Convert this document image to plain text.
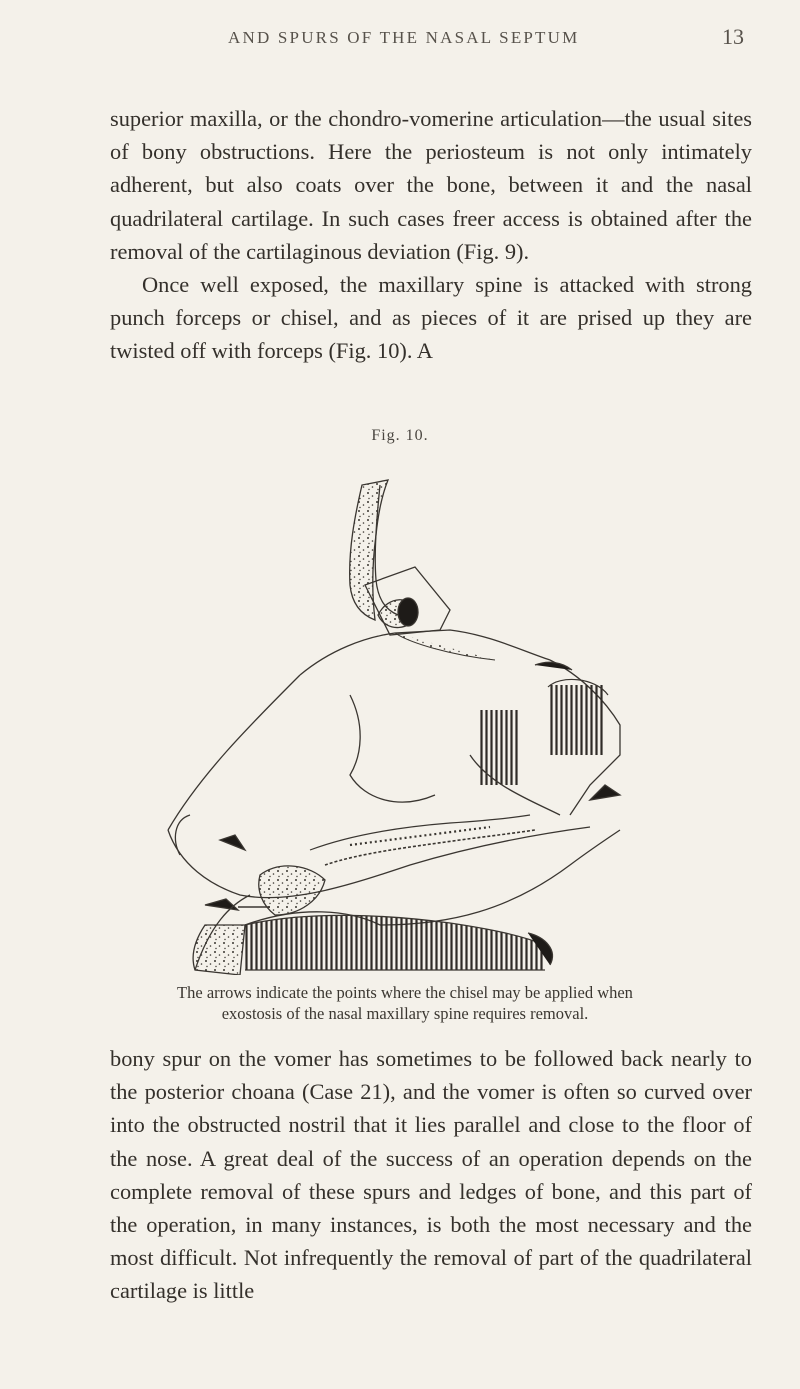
AND SPURS OF THE NASAL SEPTUM	13

superior maxilla, or the chondro-vomerine articulation—the usual sites of bony obstructions. Here the periosteum is not only intimately adherent, but also coats over the bone, between it and the nasal quadrilateral cartilage. In such cases freer access is obtained after the removal of the cartilaginous deviation (Fig. 9).

Once well exposed, the maxillary spine is attacked with strong punch forceps or chisel, and as pieces of it are prised up they are twisted off with forceps (Fig. 10). A

Fig. 10.

The arrows indicate the points where the chisel may be applied when exostosis of the nasal maxillary spine requires removal.

bony spur on the vomer has sometimes to be followed back nearly to the posterior choana (Case 21), and the vomer is often so curved over into the obstructed nostril that it lies parallel and close to the floor of the nose. A great deal of the success of an operation depends on the complete removal of these spurs and ledges of bone, and this part of the operation, in many instances, is both the most necessary and the most difficult. Not infrequently the removal of part of the quadrilateral cartilage is little
